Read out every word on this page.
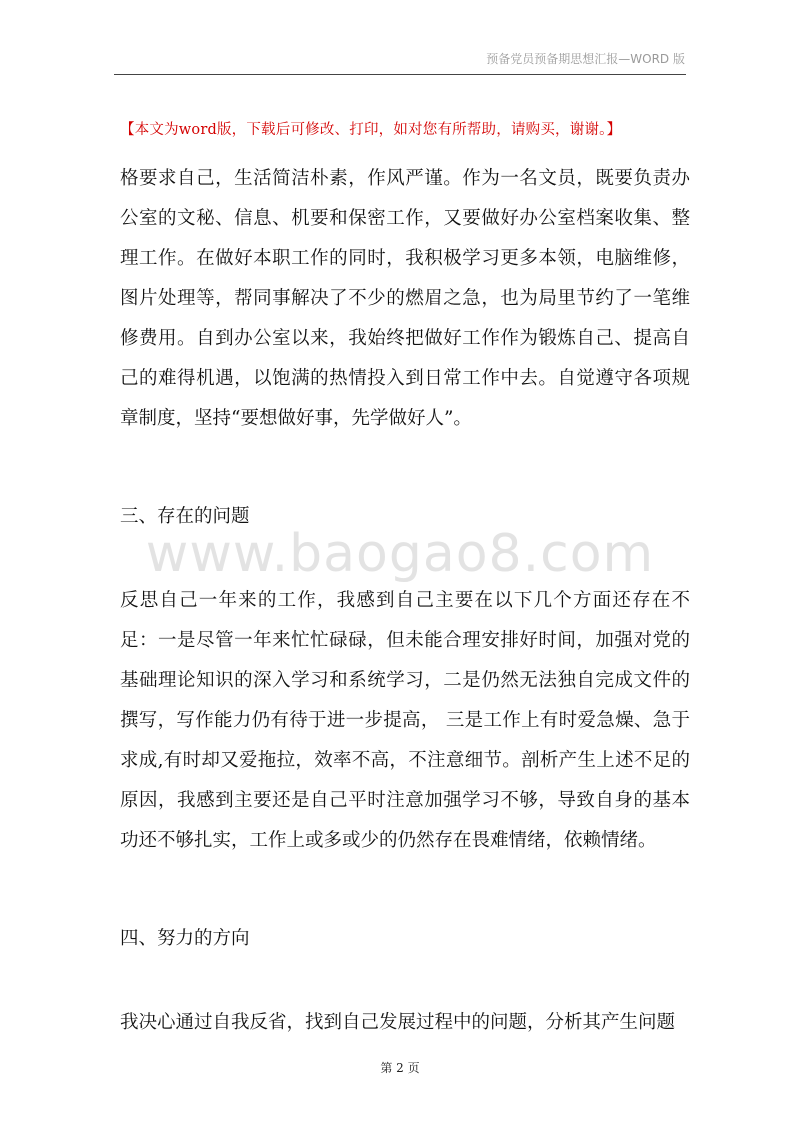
预备党员预备期思想汇报—WORD 版
【本文为word版，下载后可修改、打印，如对您有所帮助，请购买，谢谢。】
格要求自己，生活简洁朴素，作风严谨。作为一名文员，既要负责办公室的文秘、信息、机要和保密工作，又要做好办公室档案收集、整理工作。在做好本职工作的同时，我积极学习更多本领，电脑维修，图片处理等，帮同事解决了不少的燃眉之急，也为局里节约了一笔维修费用。自到办公室以来，我始终把做好工作作为锻炼自己、提高自己的难得机遇，以饱满的热情投入到日常工作中去。自觉遵守各项规章制度，坚持“要想做好事，先学做好人”。
三、存在的问题
www.baogao8.com
反思自己一年来的工作，我感到自己主要在以下几个方面还存在不足：一是尽管一年来忙忙碌碌，但未能合理安排好时间，加强对党的基础理论知识的深入学习和系统学习，二是仍然无法独自完成文件的撰写，写作能力仍有待于进一步提高， 三是工作上有时爱急燥、急于求成,有时却又爱拖拉，效率不高，不注意细节。剖析产生上述不足的原因，我感到主要还是自己平时注意加强学习不够，导致自身的基本功还不够扎实，工作上或多或少的仍然存在畏难情绪，依赖情绪。
四、努力的方向
我决心通过自我反省，找到自己发展过程中的问题，分析其产生问题
第 2 页
